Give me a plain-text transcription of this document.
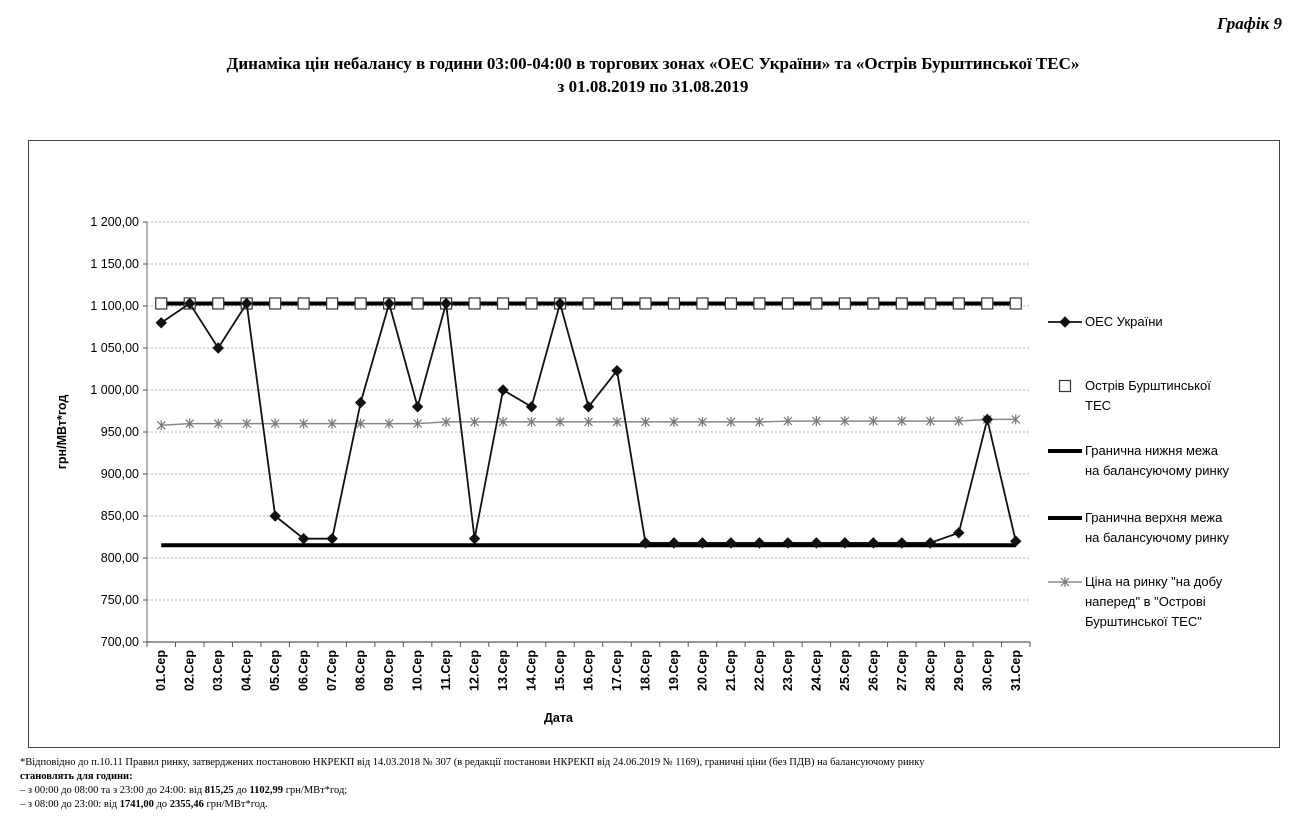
Графік 9
Динаміка цін небалансу в години 03:00-04:00 в торгових зонах «ОЕС України» та «Острів Бурштинської ТЕС»
з 01.08.2019 по 31.08.2019
700,00
750,00
800,00
850,00
900,00
950,00
1 000,00
1 050,00
1 100,00
1 150,00
1 200,00
грн/МВт*год
01.Сер 02.Сер 03.Сер 04.Сер 05.Сер 06.Сер 07.Сер 08.Сер 09.Сер 10.Сер 11.Сер 12.Сер 13.Сер 14.Сер 15.Сер 16.Сер 17.Сер 18.Сер 19.Сер 20.Сер 21.Сер 22.Сер 23.Сер 24.Сер 25.Сер 26.Сер 27.Сер 28.Сер 29.Сер 30.Сер 31.Сер
Дата
ОЕС України
Острів Бурштинської
ТЕС
Гранична нижня межа
на балансуючому ринку
Гранична верхня межа
на балансуючому ринку
Ціна на ринку "на добу
наперед" в "Острові
Бурштинської ТЕС"
*Відповідно до п.10.11 Правил ринку, затверджених постановою НКРЕКП від 14.03.2018 № 307 (в редакції постанови НКРЕКП від 24.06.2019 № 1169), граничні ціни (без ПДВ) на балансуючому ринку
становлять для години:
– з 00:00 до 08:00 та з 23:00 до 24:00: від 815,25 до 1102,99 грн/МВт*год;
– з 08:00 до 23:00: від 1741,00 до 2355,46 грн/МВт*год.
